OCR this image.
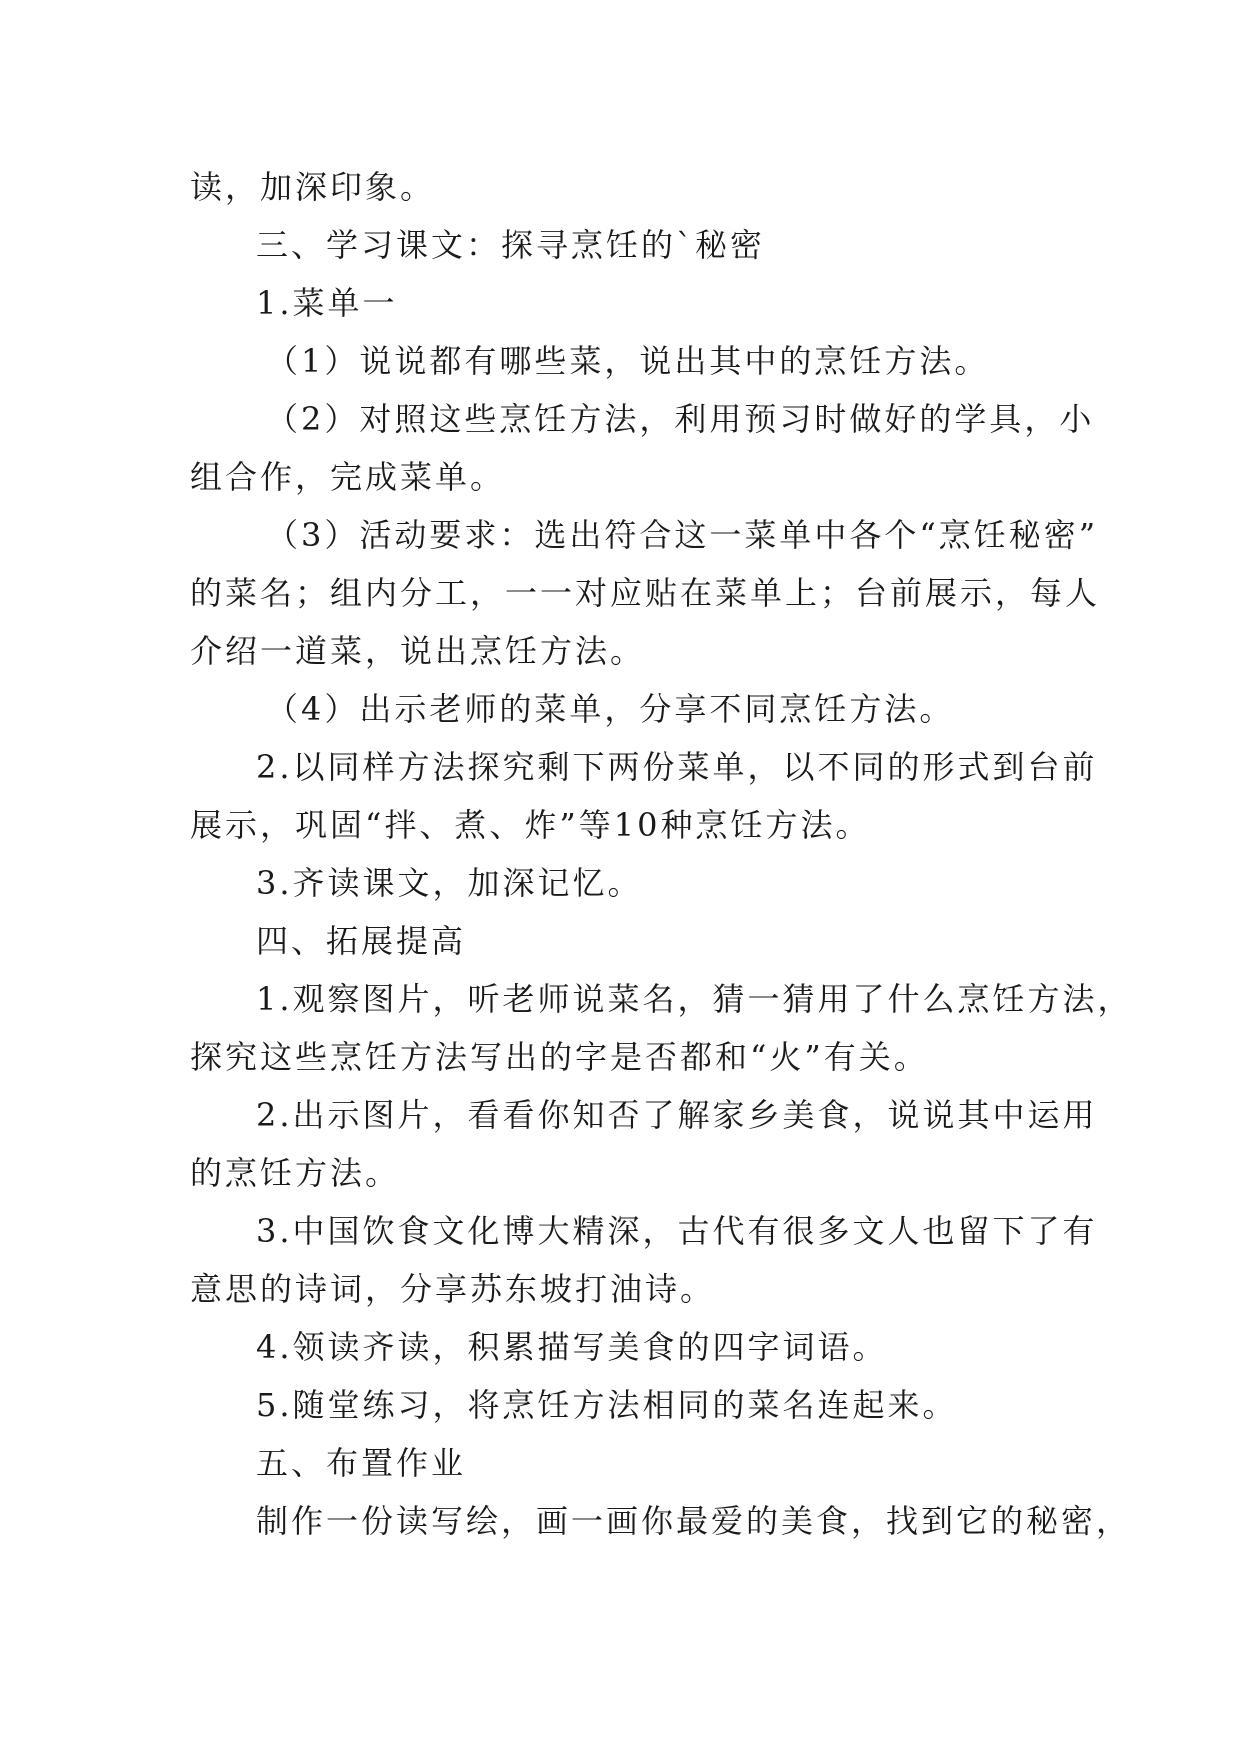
读，加深印象。

三、学习课文：探寻烹饪的`秘密

1.菜单一

（1）说说都有哪些菜，说出其中的烹饪方法。

（2）对照这些烹饪方法，利用预习时做好的学具，小

组合作，完成菜单。

（3）活动要求：选出符合这一菜单中各个“烹饪秘密”

的菜名；组内分工，一一对应贴在菜单上；台前展示，每人

介绍一道菜，说出烹饪方法。

（4）出示老师的菜单，分享不同烹饪方法。

2.以同样方法探究剩下两份菜单，以不同的形式到台前

展示，巩固“拌、煮、炸”等10种烹饪方法。

3.齐读课文，加深记忆。

四、拓展提高

1.观察图片，听老师说菜名，猜一猜用了什么烹饪方法，

探究这些烹饪方法写出的字是否都和“火”有关。

2.出示图片，看看你知否了解家乡美食，说说其中运用

的烹饪方法。

3.中国饮食文化博大精深，古代有很多文人也留下了有

意思的诗词，分享苏东坡打油诗。

4.领读齐读，积累描写美食的四字词语。

5.随堂练习，将烹饪方法相同的菜名连起来。

五、布置作业

制作一份读写绘，画一画你最爱的美食，找到它的秘密，
